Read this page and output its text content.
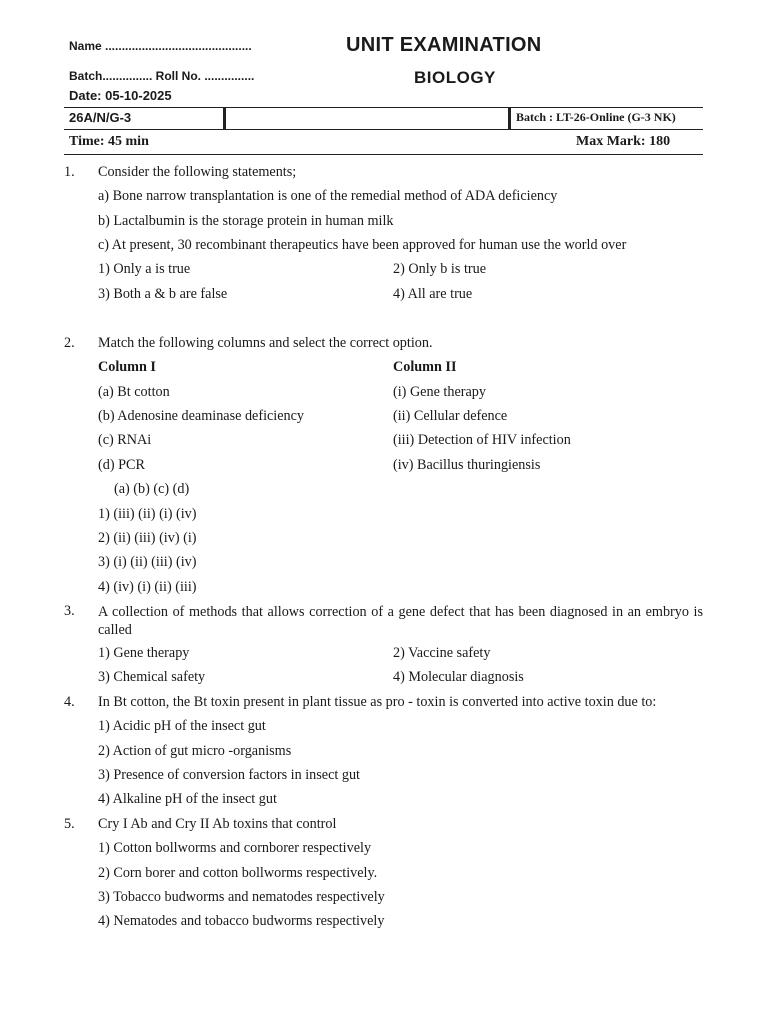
Name ............................................
Batch............... Roll No. ...............
UNIT EXAMINATION
BIOLOGY
Date: 05-10-2025
26A/N/G-3	Batch : LT-26-Online (G-3 NK)
Time: 45 min	Max Mark: 180
1. Consider the following statements;
a) Bone narrow transplantation is one of the remedial method of ADA deficiency
b) Lactalbumin is the storage protein in human milk
c) At present, 30 recombinant therapeutics have been approved for human use the world over
1) Only a is true	2) Only b is true
3) Both a & b are false	4) All are true
2. Match the following columns and select the correct option.
Column I	Column II
(a) Bt cotton	(i) Gene therapy
(b) Adenosine deaminase deficiency	(ii) Cellular defence
(c) RNAi	(iii) Detection of HIV infection
(d) PCR	(iv) Bacillus thuringiensis
(a) (b) (c) (d)
1) (iii) (ii) (i) (iv)
2) (ii) (iii) (iv) (i)
3) (i) (ii) (iii) (iv)
4) (iv) (i) (ii) (iii)
3. A collection of methods that allows correction of a gene defect that has been diagnosed in an embryo is called
1) Gene therapy	2) Vaccine safety
3) Chemical safety	4) Molecular diagnosis
4. In Bt cotton, the Bt toxin present in plant tissue as pro - toxin is converted into active toxin due to:
1) Acidic pH of the insect gut
2) Action of gut micro -organisms
3) Presence of conversion factors in insect gut
4) Alkaline pH of the insect gut
5. Cry I Ab and Cry II Ab toxins that control
1) Cotton bollworms and cornborer respectively
2) Corn borer and cotton bollworms respectively.
3) Tobacco budworms and nematodes respectively
4) Nematodes and tobacco budworms respectively
